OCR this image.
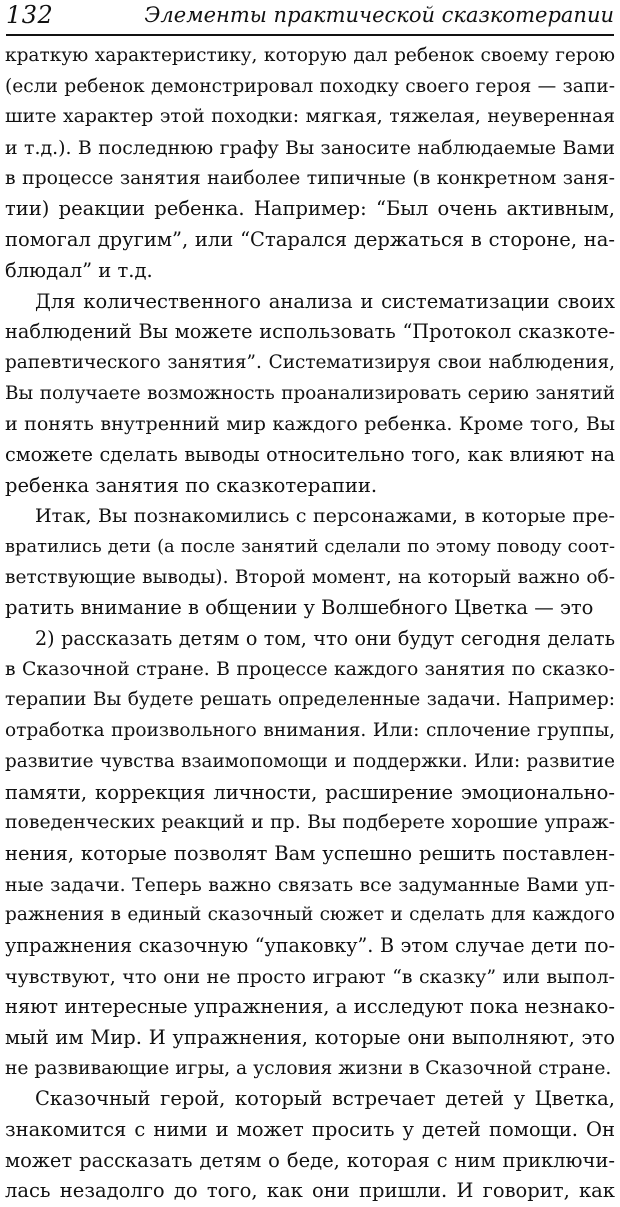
132	Элементы практической сказкотерапии
краткую характеристику, которую дал ребенок своему герою
(если ребенок демонстрировал походку своего героя — запи-
шите характер этой походки: мягкая, тяжелая, неуверенная
и т.д.). В последнюю графу Вы заносите наблюдаемые Вами
в процессе занятия наиболее типичные (в конкретном заня-
тии) реакции ребенка. Например: “Был очень активным,
помогал другим”, или “Старался держаться в стороне, на-
блюдал” и т.д.
Для количественного анализа и систематизации своих
наблюдений Вы можете использовать “Протокол сказкоте-
рапевтического занятия”. Систематизируя свои наблюдения,
Вы получаете возможность проанализировать серию занятий
и понять внутренний мир каждого ребенка. Кроме того, Вы
сможете сделать выводы относительно того, как влияют на
ребенка занятия по сказкотерапии.
Итак, Вы познакомились с персонажами, в которые пре-
вратились дети (а после занятий сделали по этому поводу соот-
ветствующие выводы). Второй момент, на который важно об-
ратить внимание в общении у Волшебного Цветка — это
2) рассказать детям о том, что они будут сегодня делать
в Сказочной стране. В процессе каждого занятия по сказко-
терапии Вы будете решать определенные задачи. Например:
отработка произвольного внимания. Или: сплочение группы,
развитие чувства взаимопомощи и поддержки. Или: развитие
памяти, коррекция личности, расширение эмоционально-
поведенческих реакций и пр. Вы подберете хорошие упраж-
нения, которые позволят Вам успешно решить поставлен-
ные задачи. Теперь важно связать все задуманные Вами уп-
ражнения в единый сказочный сюжет и сделать для каждого
упражнения сказочную “упаковку”. В этом случае дети по-
чувствуют, что они не просто играют “в сказку” или выпол-
няют интересные упражнения, а исследуют пока незнако-
мый им Мир. И упражнения, которые они выполняют, это
не развивающие игры, а условия жизни в Сказочной стране.
Сказочный герой, который встречает детей у Цветка,
знакомится с ними и может просить у детей помощи. Он
может рассказать детям о беде, которая с ним приключи-
лась незадолго до того, как они пришли. И говорит, как
